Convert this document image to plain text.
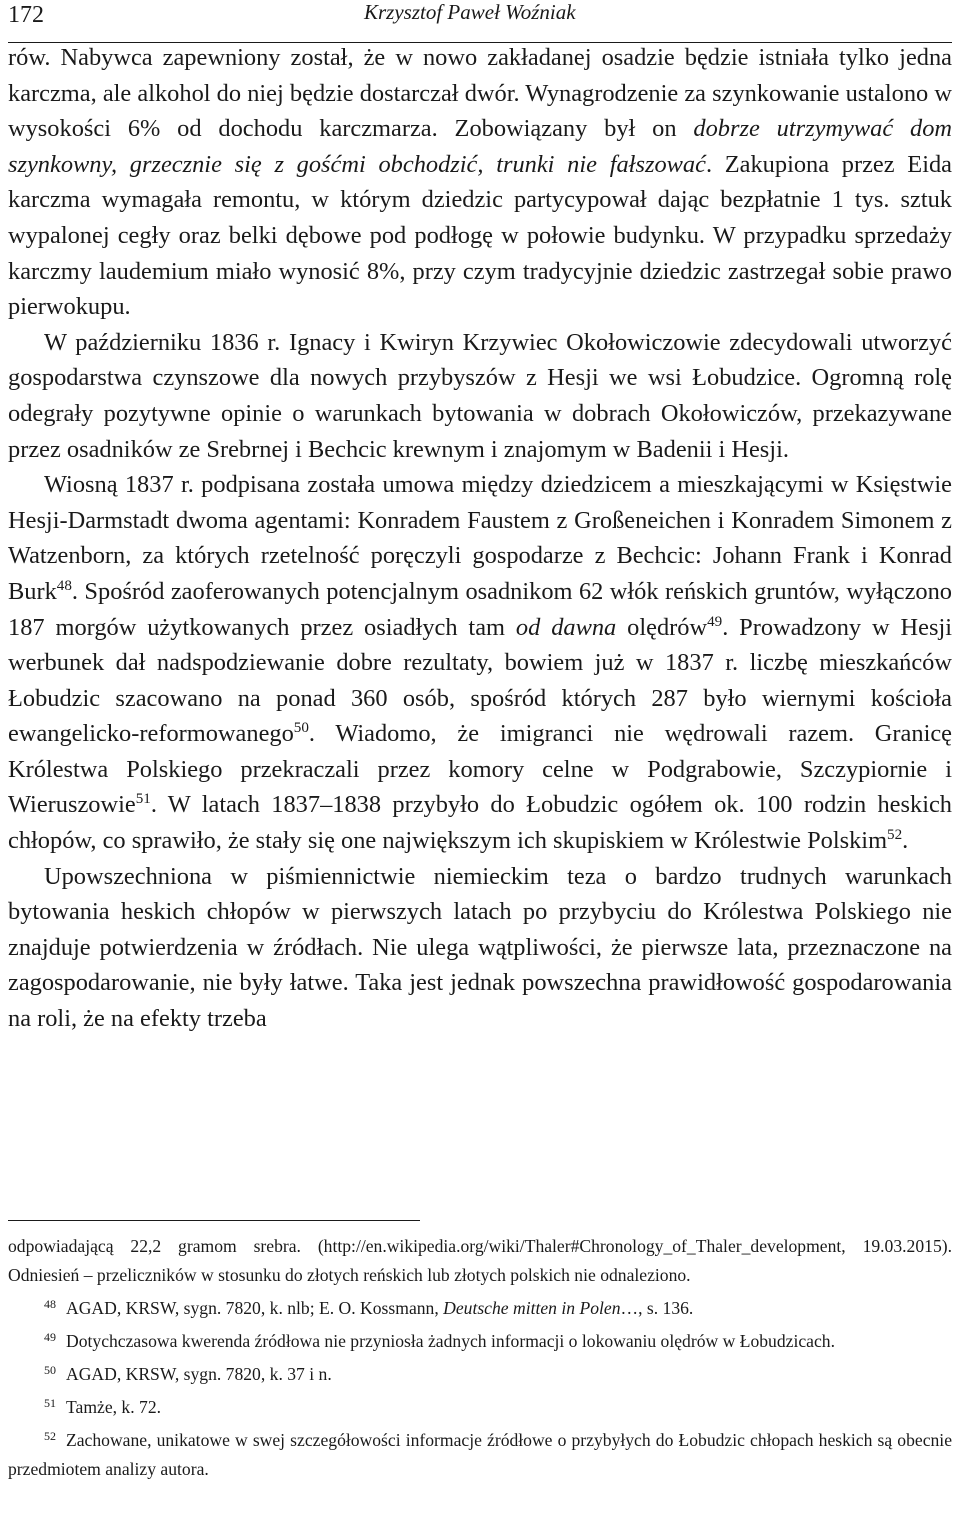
172	Krzysztof Paweł Woźniak

rów. Nabywca zapewniony został, że w nowo zakładanej osadzie będzie istniała tylko jedna karczma, ale alkohol do niej będzie dostarczał dwór. Wynagrodzenie za szynkowanie ustalono w wysokości 6% od dochodu karczmarza. Zobowiązany był on dobrze utrzymywać dom szynkowny, grzecznie się z gośćmi obchodzić, trunki nie fałszować. Zakupiona przez Eida karczma wymagała remontu, w którym dziedzic partycypował dając bezpłatnie 1 tys. sztuk wypalonej cegły oraz belki dębowe pod podłogę w połowie budynku. W przypadku sprzedaży karczmy laudemium miało wynosić 8%, przy czym tradycyjnie dziedzic zastrzegał sobie prawo pierwokupu.

W październiku 1836 r. Ignacy i Kwiryn Krzywiec Okołowiczowie zdecydowali utworzyć gospodarstwa czynszowe dla nowych przybyszów z Hesji we wsi Łobudzice. Ogromną rolę odegrały pozytywne opinie o warunkach bytowania w dobrach Okołowiczów, przekazywane przez osadników ze Srebrnej i Bechcic krewnym i znajomym w Badenii i Hesji.

Wiosną 1837 r. podpisana została umowa między dziedzicem a mieszkającymi w Księstwie Hesji-Darmstadt dwoma agentami: Konradem Faustem z Großeneichen i Konradem Simonem z Watzenborn, za których rzetelność poręczyli gospodarze z Bechcic: Johann Frank i Konrad Burk$^{48}$. Spośród zaoferowanych potencjalnym osadnikom 62 włók reńskich gruntów, wyłączono 187 morgów użytkowanych przez osiadłych tam od dawna olędrów$^{49}$. Prowadzony w Hesji werbunek dał nadspodziewanie dobre rezultaty, bowiem już w 1837 r. liczbę mieszkańców Łobudzic szacowano na ponad 360 osób, spośród których 287 było wiernymi kościoła ewangelicko-reformowanego$^{50}$. Wiadomo, że imigranci nie wędrowali razem. Granicę Królestwa Polskiego przekraczali przez komory celne w Podgrabowie, Szczypiornie i Wieruszowie$^{51}$. W latach 1837–1838 przybyło do Łobudzic ogółem ok. 100 rodzin heskich chłopów, co sprawiło, że stały się one największym ich skupiskiem w Królestwie Polskim$^{52}$.

Upowszechniona w piśmiennictwie niemieckim teza o bardzo trudnych warunkach bytowania heskich chłopów w pierwszych latach po przybyciu do Królestwa Polskiego nie znajduje potwierdzenia w źródłach. Nie ulega wątpliwości, że pierwsze lata, przeznaczone na zagospodarowanie, nie były łatwe. Taka jest jednak powszechna prawidłowość gospodarowania na roli, że na efekty trzeba

odpowiadającą 22,2 gramom srebra. (http://en.wikipedia.org/wiki/Thaler#Chronology_of_Thaler_development, 19.03.2015). Odniesień – przeliczników w stosunku do złotych reńskich lub złotych polskich nie odnaleziono.

$^{48}$ AGAD, KRSW, sygn. 7820, k. nlb; E. O. Kossmann, Deutsche mitten in Polen…, s. 136.

$^{49}$ Dotychczasowa kwerenda źródłowa nie przyniosła żadnych informacji o lokowaniu olędrów w Łobudzicach.

$^{50}$ AGAD, KRSW, sygn. 7820, k. 37 i n.

$^{51}$ Tamże, k. 72.

$^{52}$ Zachowane, unikatowe w swej szczegółowości informacje źródłowe o przybyłych do Łobudzic chłopach heskich są obecnie przedmiotem analizy autora.
